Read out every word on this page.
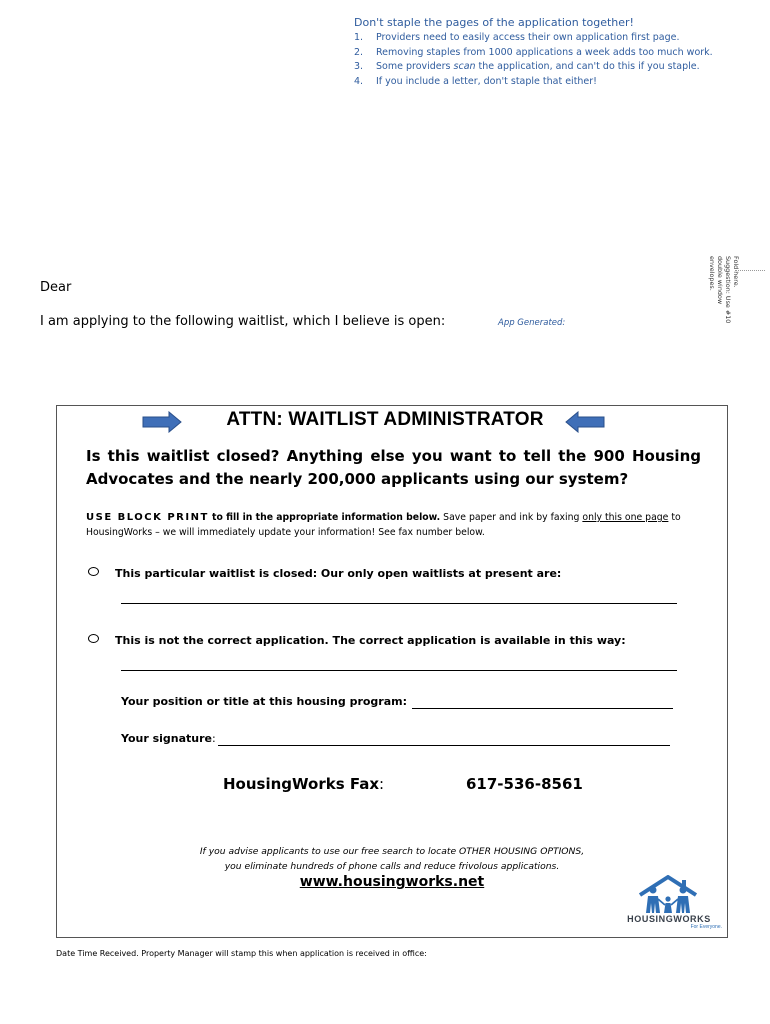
Don't staple the pages of the application together!
1. Providers need to easily access their own application first page.
2. Removing staples from 1000 applications a week adds too much work.
3. Some providers scan the application, and can't do this if you staple.
4. If you include a letter, don't staple that either!
Fold here.
Suggestion: Use #10
double window
envelopes.
Dear
I am applying to the following waitlist, which I believe is open:	App Generated:
ATTN: WAITLIST ADMINISTRATOR
Is this waitlist closed? Anything else you want to tell the 900 Housing Advocates and the nearly 200,000 applicants using our system?
USE BLOCK PRINT to fill in the appropriate information below. Save paper and ink by faxing only this one page to HousingWorks – we will immediately update your information! See fax number below.
This particular waitlist is closed: Our only open waitlists at present are:
This is not the correct application. The correct application is available in this way:
Your position or title at this housing program:
Your signature:
HousingWorks Fax:	617-536-8561
If you advise applicants to use our free search to locate OTHER HOUSING OPTIONS,
you eliminate hundreds of phone calls and reduce frivolous applications.
www.housingworks.net
HOUSINGWORKS
For Everyone.
Date Time Received. Property Manager will stamp this when application is received in office:
